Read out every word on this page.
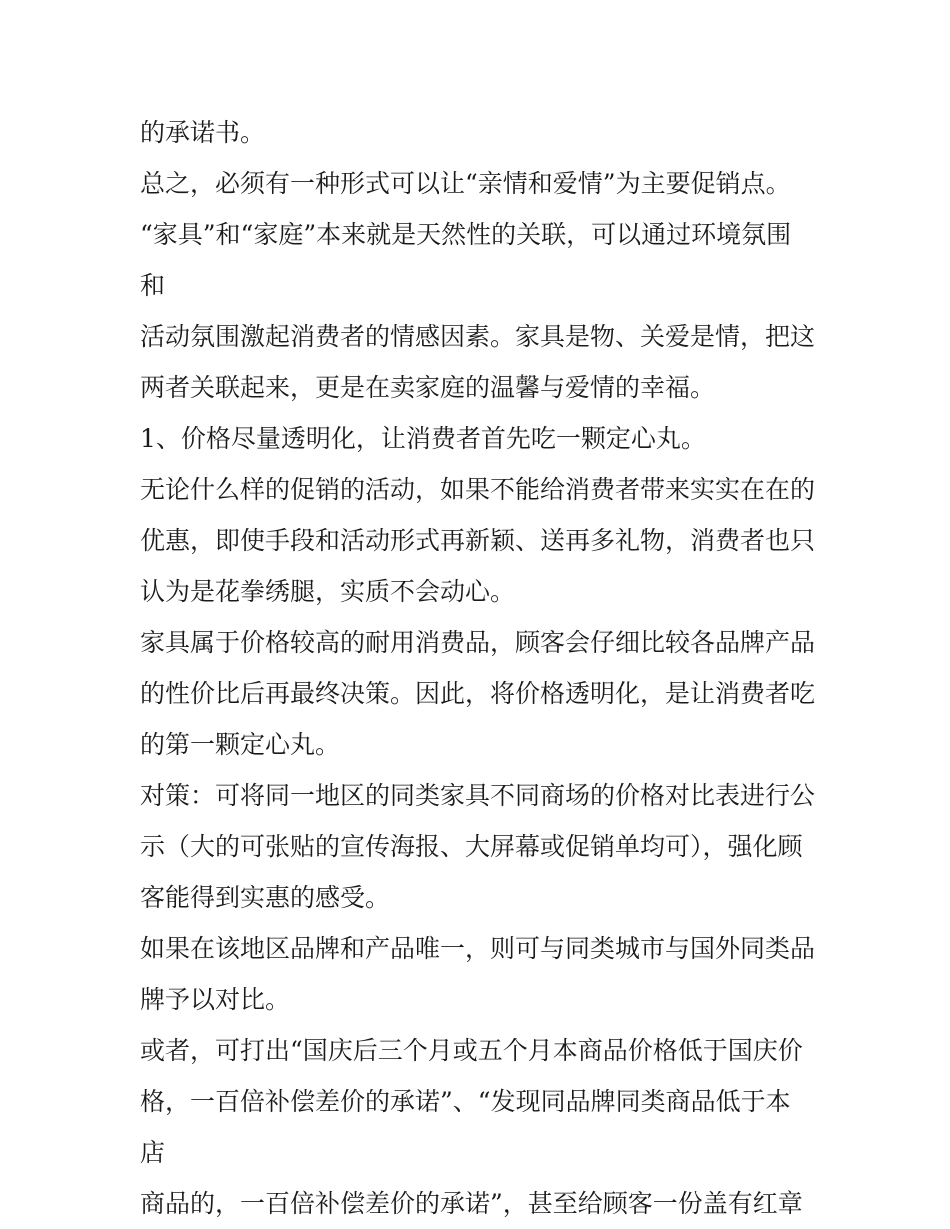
的承诺书。

总之，必须有一种形式可以让“亲情和爱情”为主要促销点。

“家具”和“家庭”本来就是天然性的关联，可以通过环境氛围和

活动氛围激起消费者的情感因素。家具是物、关爱是情，把这

两者关联起来，更是在卖家庭的温馨与爱情的幸福。

1、价格尽量透明化，让消费者首先吃一颗定心丸。

无论什么样的促销的活动，如果不能给消费者带来实实在在的

优惠，即使手段和活动形式再新颖、送再多礼物，消费者也只

认为是花拳绣腿，实质不会动心。

家具属于价格较高的耐用消费品，顾客会仔细比较各品牌产品

的性价比后再最终决策。因此，将价格透明化，是让消费者吃

的第一颗定心丸。

对策：可将同一地区的同类家具不同商场的价格对比表进行公

示（大的可张贴的宣传海报、大屏幕或促销单均可），强化顾

客能得到实惠的感受。

如果在该地区品牌和产品唯一，则可与同类城市与国外同类品

牌予以对比。

或者，可打出“国庆后三个月或五个月本商品价格低于国庆价

格，一百倍补偿差价的承诺”、“发现同品牌同类商品低于本店

商品的，一百倍补偿差价的承诺”，甚至给顾客一份盖有红章
